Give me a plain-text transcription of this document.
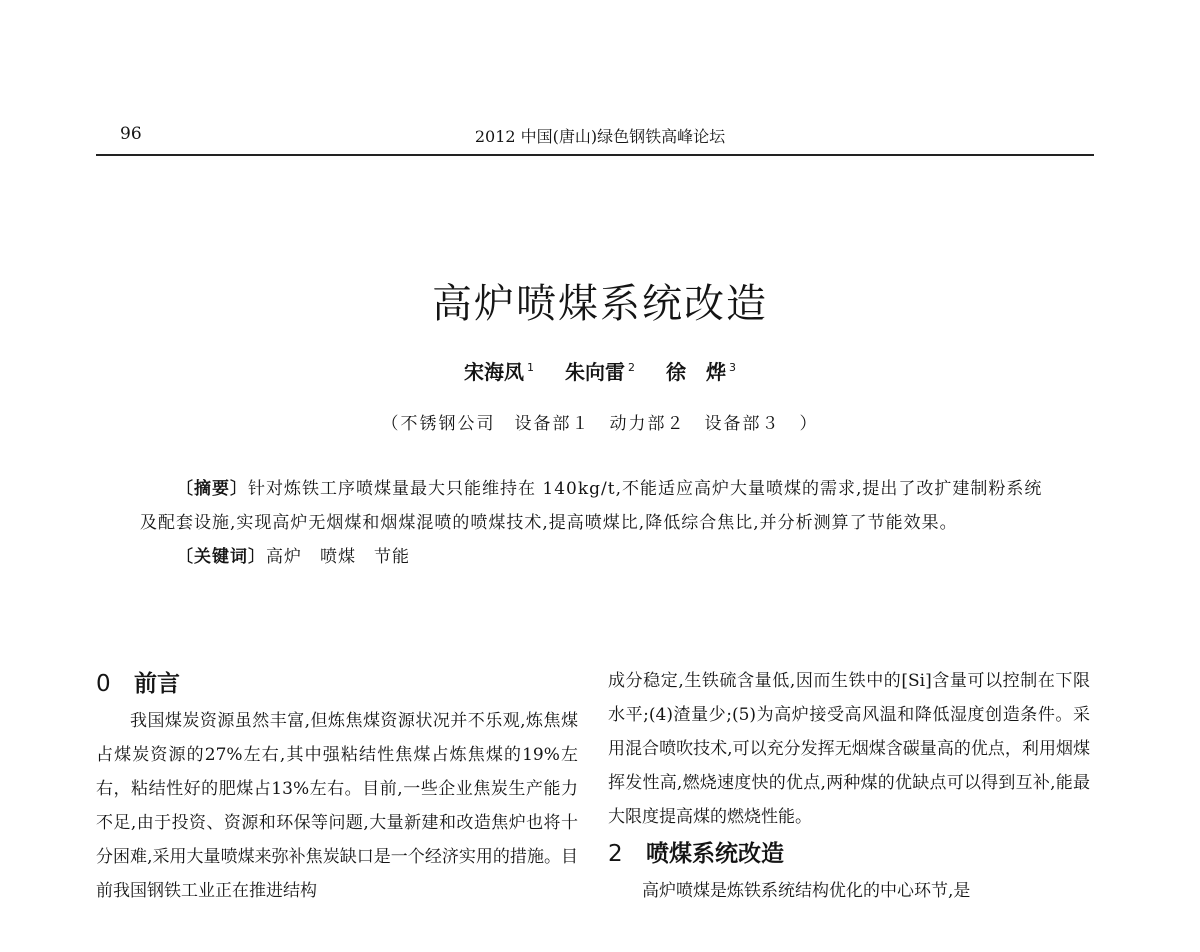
96	2012 中国(唐山)绿色钢铁高峰论坛
高炉喷煤系统改造
宋海凤 $^1$ 朱向雷 $^2$ 徐　烨 $^3$
（不锈钢公司　设备部１　动力部２　设备部３　）

〔摘要〕针对炼铁工序喷煤量最大只能维持在 140kg/t,不能适应高炉大量喷煤的需求,提出了改扩建制粉系统及配套设施,实现高炉无烟煤和烟煤混喷的喷煤技术,提高喷煤比,降低综合焦比,并分析测算了节能效果。

〔关键词〕高炉　喷煤　节能

0 前言

我国煤炭资源虽然丰富,但炼焦煤资源状况并不乐观,炼焦煤占煤炭资源的27%左右,其中强粘结性焦煤占炼焦煤的19%左右，粘结性好的肥煤占13%左右。目前,一些企业焦炭生产能力不足,由于投资、资源和环保等问题,大量新建和改造焦炉也将十分困难,采用大量喷煤来弥补焦炭缺口是一个经济实用的措施。目前我国钢铁工业正在推进结构

成分稳定,生铁硫含量低,因而生铁中的[Si]含量可以控制在下限水平;(4)渣量少;(5)为高炉接受高风温和降低湿度创造条件。采用混合喷吹技术,可以充分发挥无烟煤含碳量高的优点，利用烟煤挥发性高,燃烧速度快的优点,两种煤的优缺点可以得到互补,能最大限度提高煤的燃烧性能。

2 喷煤系统改造

高炉喷煤是炼铁系统结构优化的中心环节,是
